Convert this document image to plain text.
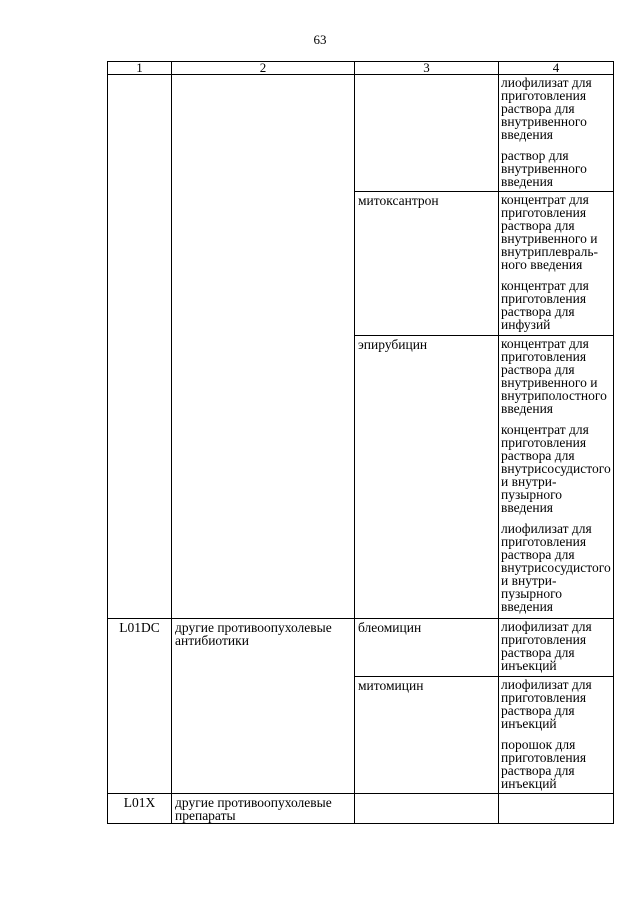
63
1	2	3	4

			лиофилизат для приготовления раствора для внутривенного введения
раствор для внутривенного введения

		митоксантрон	концентрат для приготовления раствора для внутривенного и внутриплеврального введения
концентрат для приготовления раствора для инфузий

		эпирубицин	концентрат для приготовления раствора для внутривенного и внутриполостного введения
концентрат для приготовления раствора для внутрисосудистого и внутрипузырного введения
лиофилизат для приготовления раствора для внутрисосудистого и внутрипузырного введения

L01DC	другие противоопухолевые антибиотики	блеомицин	лиофилизат для приготовления раствора для инъекций

		митомицин	лиофилизат для приготовления раствора для инъекций
порошок для приготовления раствора для инъекций

L01X	другие противоопухолевые препараты		
